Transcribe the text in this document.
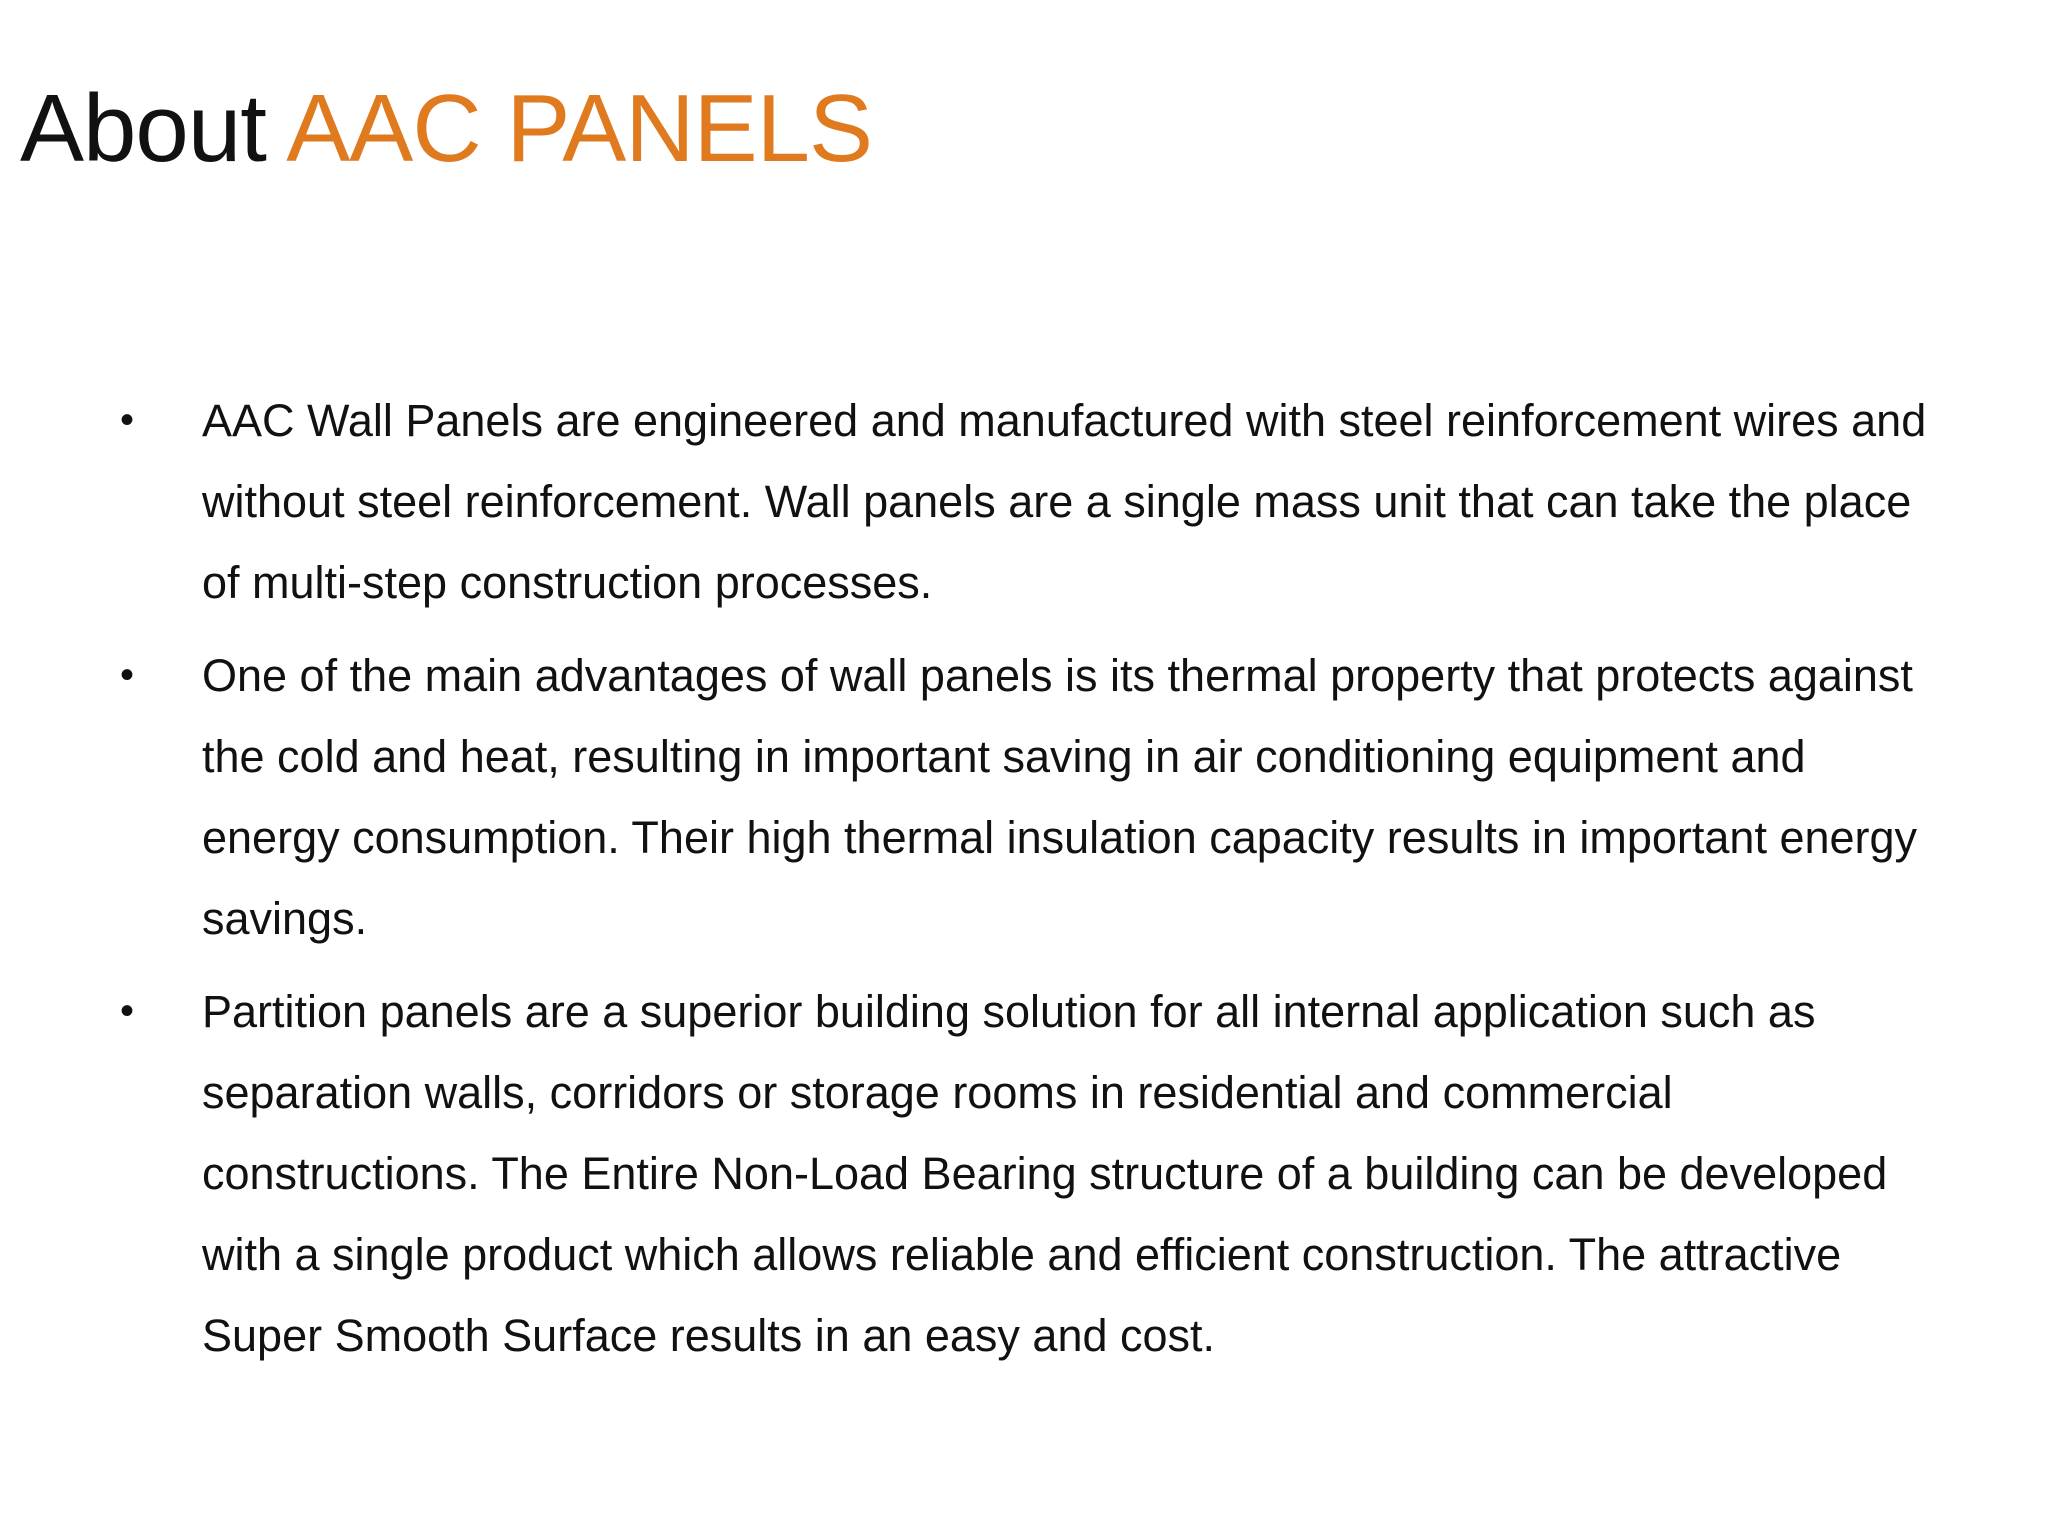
About AAC PANELS
•	AAC Wall Panels are engineered and manufactured with steel reinforcement wires and without steel reinforcement. Wall panels are a single mass unit that can take the place of multi-step construction processes.
•	One of the main advantages of wall panels is its thermal property that protects against the cold and heat, resulting in important saving in air conditioning equipment and energy consumption. Their high thermal insulation capacity results in important energy savings.
•	Partition panels are a superior building solution for all internal application such as separation walls, corridors or storage rooms in residential and commercial constructions. The Entire Non-Load Bearing structure of a building can be developed with a single product which allows reliable and efficient construction. The attractive Super Smooth Surface results in an easy and cost.
